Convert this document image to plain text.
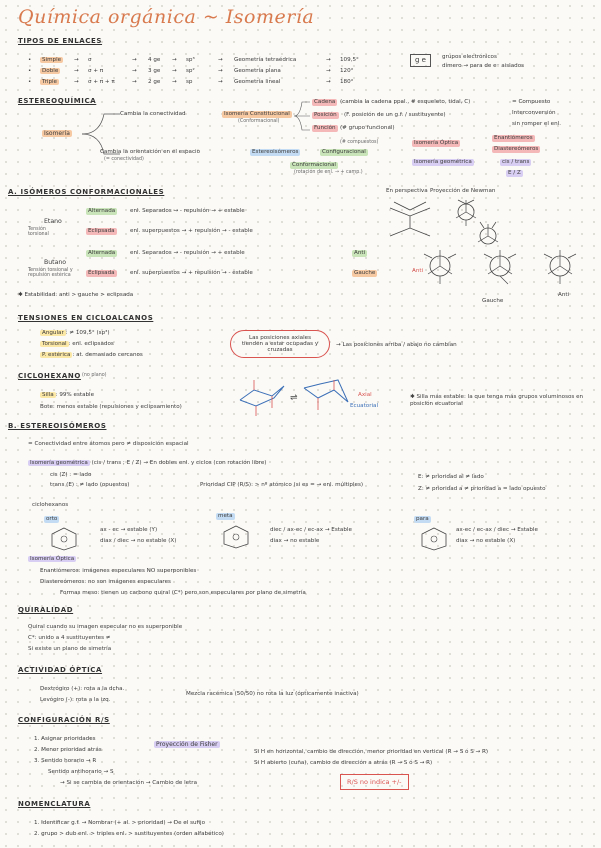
Química orgánica ~ Isomería
TIPOS DE ENLACES
•	Simple	→ σ	→ 4 ge → sp³	→ Geometría tetraédrica	→ 109,5°
•	Doble	→ σ + π	→ 3 ge → sp²	→ Geometría plana	→ 120°
•	Triple	→ σ + π + π	→ 2 ge → sp	→ Geometría lineal	→ 180°
g e	grupos electrónicos
dímero → para de e⁻ aislados
ESTEREOQUÍMICA
Isomería
Cambia la conectividad	Isomería Constitucional
(Conformacional)
Cadena (cambia la cadena ppal., # esqueleto, tidal, C)
Posición	(F. posición de un g.f. / sustituyente)
Función (# grupo funcional)
= Compuesto
Interconversión
sin romper el enl.
Cambia la orientación en el espacio
(= conectividad)
Estereoisómeros	Configuracional
(# compuestos)
Conformacional
(rotación de enl. → + camp.)
Isomería Óptica
Enantiómeros
Diastereómeros
Isomería geométrica	cis / trans
E / Z
A. ISÓMEROS CONFORMACIONALES	En perspectiva Proyección de Newman
Etano
Tensión torsional
Alternada	enl. Separados → - repulsión → + estable
Eclipsada	enl. superpuestos → + repulsión → - estable
Butano
Tensión torsional y repulsión estérica
Alternada	enl. Separados → - repulsión → + estable	Anti
Eclipsada	enl. superpuestos → + repulsión → - estable	Gauche
✱ Estabilidad: anti > gauche > eclipsada
Anti
Gauche
Anti
TENSIONES EN CICLOALCANOS
Angular : ≠ 109,5° (sp³)
Torsional : enl. eclipsados
P. estérica : at. demasiado cercanos
Las posiciones axiales tienden a estar ocupadas y cruzadas
→ Las posiciones arriba / abajo no cambian
CICLOHEXANO (no plano)
Silla : 99% estable
Bote: menos estable (repulsiones y eclipsamiento)
⇌	Axial
Ecuatorial
✱ Silla más estable: la que tenga más grupos voluminosos en posición ecuatorial
B. ESTEREOISÓMEROS
= Conectividad entre átomos pero ≠ disposición espacial
Isomería geométrica (cis / trans ; E / Z) → En dobles enl. y ciclos (con rotación libre)
cis (Z) : = lado
trans (E) : ≠ lado (opuestos)	Prioridad CIP (R/S): > nº atómico (si es = → enl. múltiples)
E: ≠ prioridad al ≠ lado
Z: ≠ prioridad a ≠ prioridad a = lado opuesto
ciclohexanos
orto	meta	para
ax - ec → estable (Y)
diax / diec → no estable (X)
diec / ax-ec / ec-ax → Estable
diax → no estable
ax-ec / ec-ax / diec → Estable
diax → no estable (X)
Isomería Óptica
Enantiómeros: imágenes especulares NO superponibles
Diastereómeros: no son imágenes especulares
Formas meso: tienen un carbono quiral (C*) pero son especulares por plano de simetría
QUIRALIDAD
Quiral cuando su imagen especular no es superponible
C*: unido a 4 sustituyentes ≠
Si existe un plano de simetría
ACTIVIDAD ÓPTICA
Dextrógiro (+): rota a la dcha.
Levógiro (-): rota a la izq.
Mezcla racémica (50/50) no rota la luz (ópticamente inactiva)
CONFIGURACIÓN R/S
1. Asignar prioridades
2. Menor prioridad atrás
3. Sentido horario → R
Sentido antihorario → S
→ Si se cambia de orientación → Cambio de letra
Proyección de Fisher
Si H en horizontal, cambio de dirección, menor prioridad en vertical (R → S ó S → R)
Si H abierto (cuña), cambio de dirección a atrás (R → S ó S → R)
R/S no indica +/-
NOMENCLATURA
1. Identificar g.f. → Nombrar (+ al. > prioridad) → De el sufijo
2. grupo > dub enl. > triples enl. > sustituyentes (orden alfabético)
